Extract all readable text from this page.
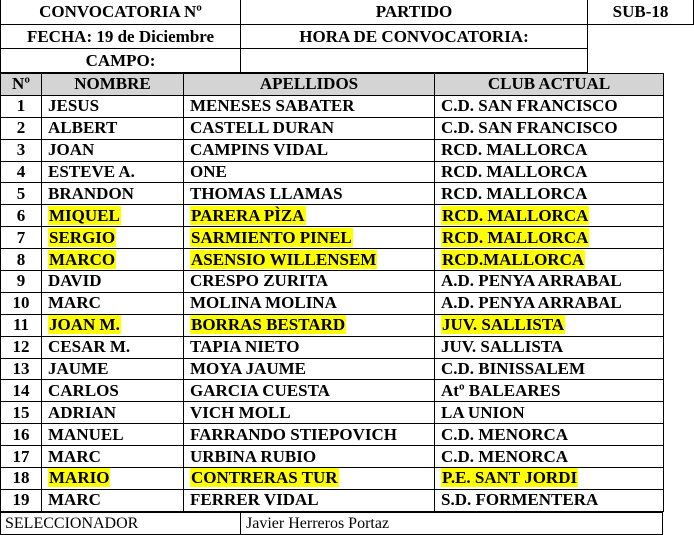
CONVOCATORIA Nº	PARTIDO	SUB-18
FECHA: 19 de Diciembre	HORA DE CONVOCATORIA:
CAMPO:
Nº	NOMBRE	APELLIDOS	CLUB ACTUAL
1	JESUS	MENESES SABATER	C.D. SAN FRANCISCO
2	ALBERT	CASTELL DURAN	C.D. SAN FRANCISCO
3	JOAN	CAMPINS VIDAL	RCD. MALLORCA
4	ESTEVE A.	ONE	RCD. MALLORCA
5	BRANDON	THOMAS LLAMAS	RCD. MALLORCA
6	MIQUEL	PARERA PÌZA	RCD. MALLORCA
7	SERGIO	SARMIENTO PINEL	RCD. MALLORCA
8	MARCO	ASENSIO WILLENSEM	RCD.MALLORCA
9	DAVID	CRESPO ZURITA	A.D. PENYA ARRABAL
10	MARC	MOLINA MOLINA	A.D. PENYA ARRABAL
11	JOAN M.	BORRAS BESTARD	JUV. SALLISTA
12	CESAR M.	TAPIA NIETO	JUV. SALLISTA
13	JAUME	MOYA JAUME	C.D. BINISSALEM
14	CARLOS	GARCIA CUESTA	Atº BALEARES
15	ADRIAN	VICH MOLL	LA UNION
16	MANUEL	FARRANDO STIEPOVICH	C.D. MENORCA
17	MARC	URBINA RUBIO	C.D. MENORCA
18	MARIO	CONTRERAS TUR	P.E. SANT JORDI
19	MARC	FERRER VIDAL	S.D. FORMENTERA
SELECCIONADOR	Javier Herreros Portaz
